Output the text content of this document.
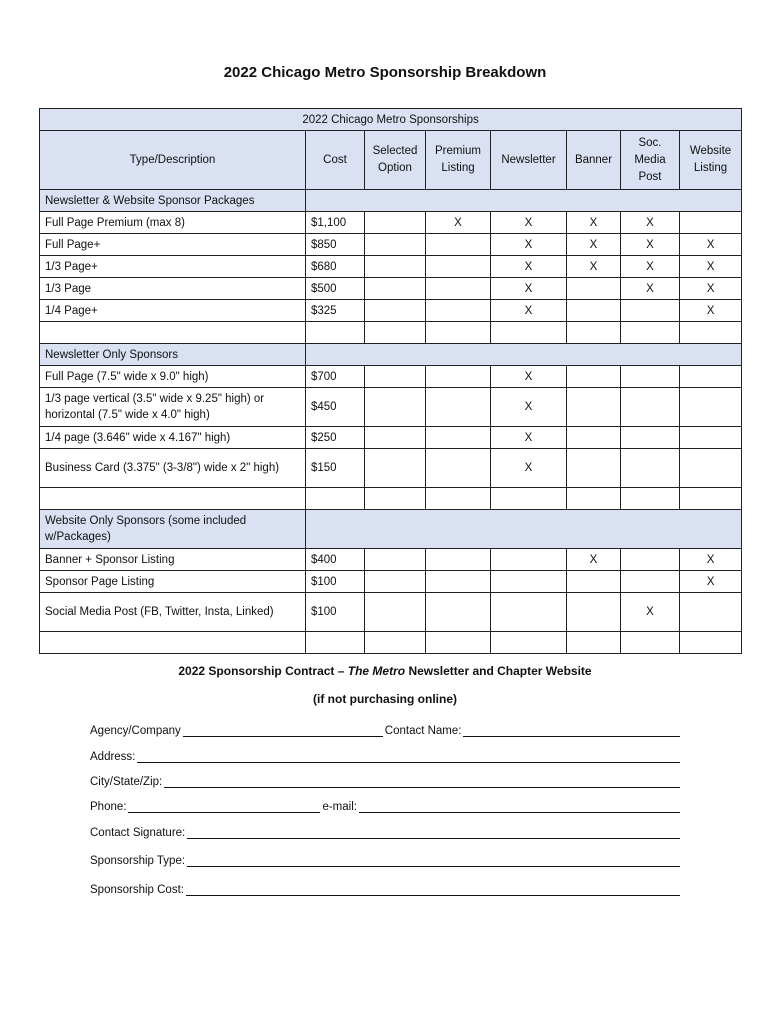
2022 Chicago Metro Sponsorship Breakdown
2022 Chicago Metro Sponsorships							
Type/Description	Cost	Selected Option	Premium Listing	Newsletter	Banner	Soc. Media Post	Website Listing
Newsletter & Website Sponsor Packages							
Full Page Premium (max 8)	$1,100		X	X	X	X	
Full Page+	$850			X	X	X	X
1/3 Page+	$680			X	X	X	X
1/3 Page	$500			X		X	X
1/4 Page+	$325			X			X

Newsletter Only Sponsors							
Full Page (7.5" wide x 9.0" high)	$700			X			
1/3 page vertical (3.5" wide x 9.25" high) or horizontal (7.5" wide x 4.0" high)	$450			X			
1/4 page (3.646" wide x 4.167" high)	$250			X			
Business Card (3.375" (3-3/8") wide x 2" high)	$150			X			

Website Only Sponsors (some included w/Packages)							
Banner + Sponsor Listing	$400				X		X
Sponsor Page Listing	$100						X
Social Media Post (FB, Twitter, Insta, Linked)	$100					X	

2022 Sponsorship Contract – The Metro Newsletter and Chapter Website
(if not purchasing online)
Agency/Company	Contact Name:
Address:
City/State/Zip:
Phone:	e-mail:
Contact Signature:
Sponsorship Type:
Sponsorship Cost:
